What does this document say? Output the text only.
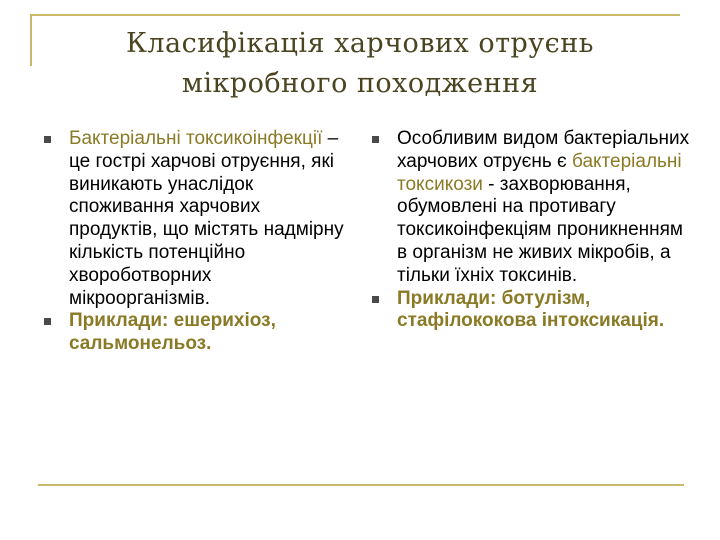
Класифікація харчових отруєнь
мікробного походження
Бактеріальні токсикоінфекції – це гострі харчові отруєння, які виникають унаслідок споживання харчових продуктів, що містять надмірну кількість потенційно хвороботворних мікроорганізмів.
Приклади: ешерихіоз, сальмонельоз.
Особливим видом бактеріальних харчових отруєнь є бактеріальні токсикози - захворювання, обумовлені на противагу токсикоінфекціям проникненням в організм не живих мікробів, а тільки їхніх токсинів.
Приклади: ботулізм, стафілококова інтоксикація.
